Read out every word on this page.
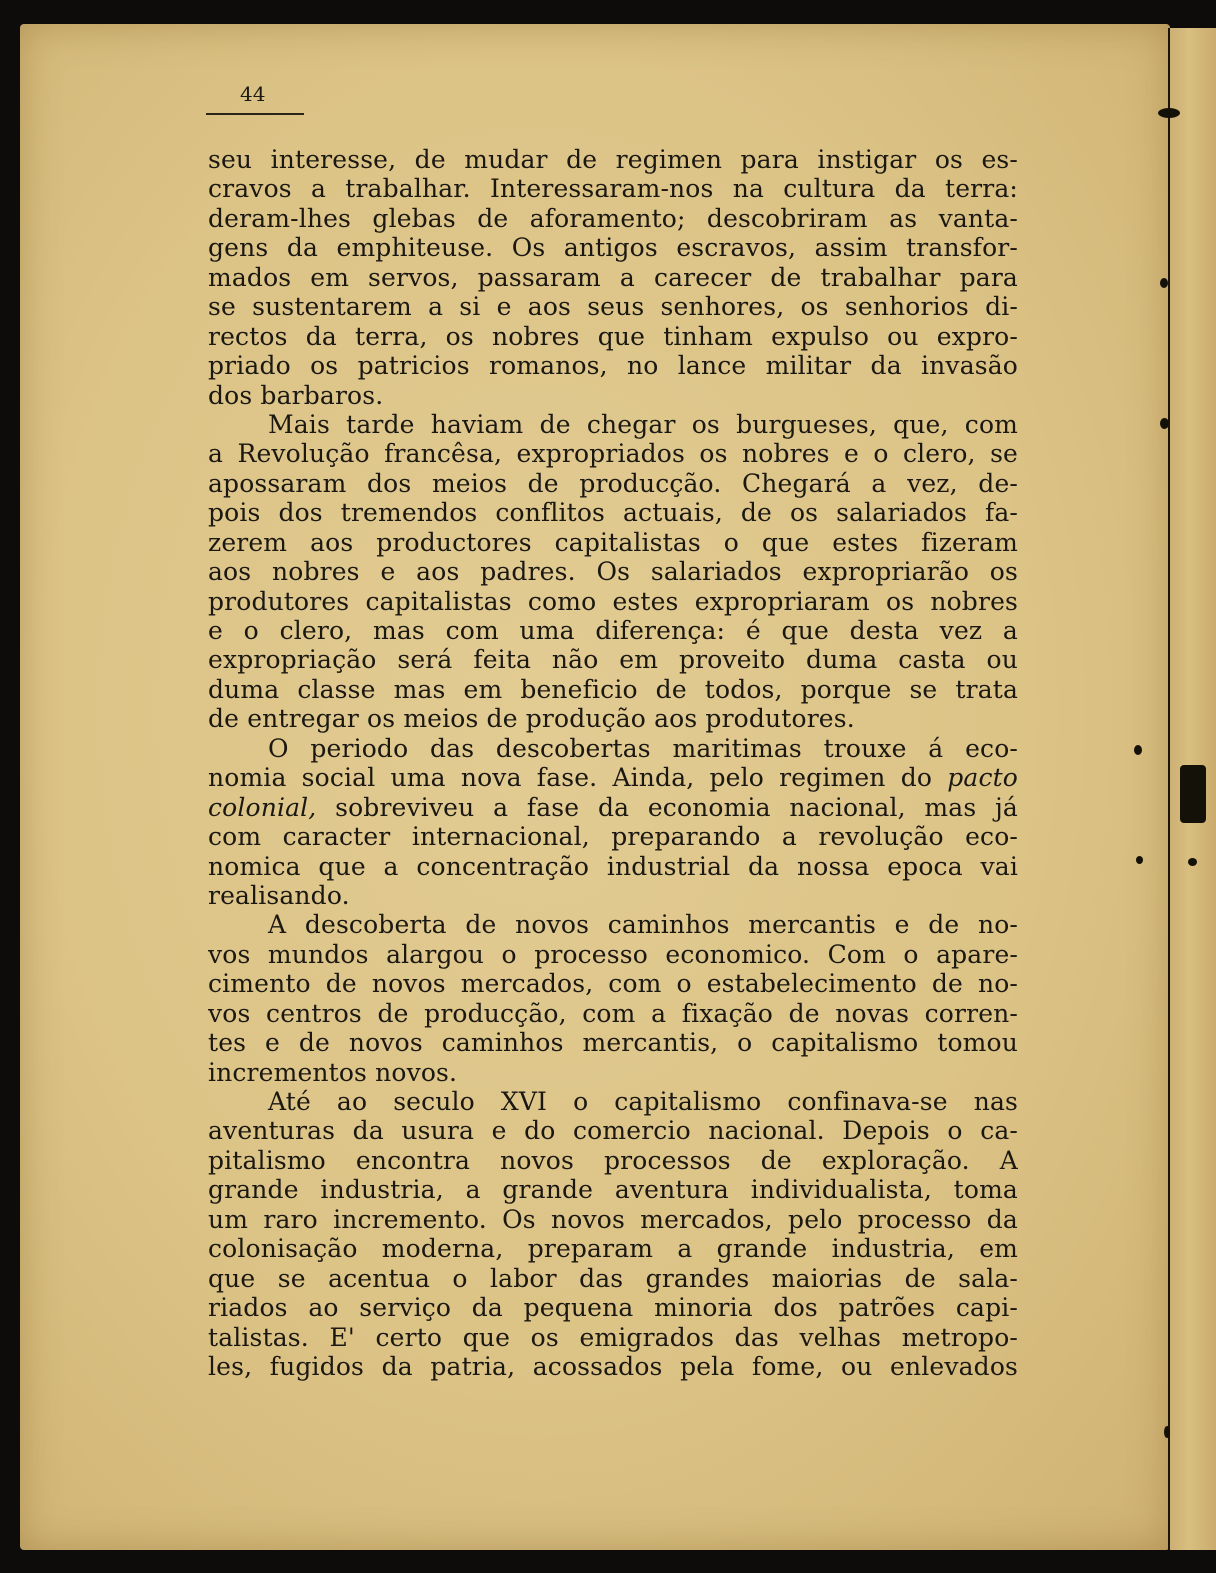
44
seu interesse, de mudar de regimen para instigar os es-
cravos a trabalhar. Interessaram-nos na cultura da terra:
deram-lhes glebas de aforamento; descobriram as vanta-
gens da emphiteuse. Os antigos escravos, assim transfor-
mados em servos, passaram a carecer de trabalhar para
se sustentarem a si e aos seus senhores, os senhorios di-
rectos da terra, os nobres que tinham expulso ou expro-
priado os patricios romanos, no lance militar da invasão
dos barbaros.
Mais tarde haviam de chegar os burgueses, que, com
a Revolução francêsa, expropriados os nobres e o clero, se
apossaram dos meios de producção. Chegará a vez, de-
pois dos tremendos conflitos actuais, de os salariados fa-
zerem aos productores capitalistas o que estes fizeram
aos nobres e aos padres. Os salariados expropriarão os
produtores capitalistas como estes expropriaram os nobres
e o clero, mas com uma diferença: é que desta vez a
expropriação será feita não em proveito duma casta ou
duma classe mas em beneficio de todos, porque se trata
de entregar os meios de produção aos produtores.
O periodo das descobertas maritimas trouxe á eco-
nomia social uma nova fase. Ainda, pelo regimen do pacto
colonial, sobreviveu a fase da economia nacional, mas já
com caracter internacional, preparando a revolução eco-
nomica que a concentração industrial da nossa epoca vai
realisando.
A descoberta de novos caminhos mercantis e de no-
vos mundos alargou o processo economico. Com o apare-
cimento de novos mercados, com o estabelecimento de no-
vos centros de producção, com a fixação de novas corren-
tes e de novos caminhos mercantis, o capitalismo tomou
incrementos novos.
Até ao seculo XVI o capitalismo confinava-se nas
aventuras da usura e do comercio nacional. Depois o ca-
pitalismo encontra novos processos de exploração. A
grande industria, a grande aventura individualista, toma
um raro incremento. Os novos mercados, pelo processo da
colonisação moderna, preparam a grande industria, em
que se acentua o labor das grandes maiorias de sala-
riados ao serviço da pequena minoria dos patrões capi-
talistas. E' certo que os emigrados das velhas metropo-
les, fugidos da patria, acossados pela fome, ou enlevados
